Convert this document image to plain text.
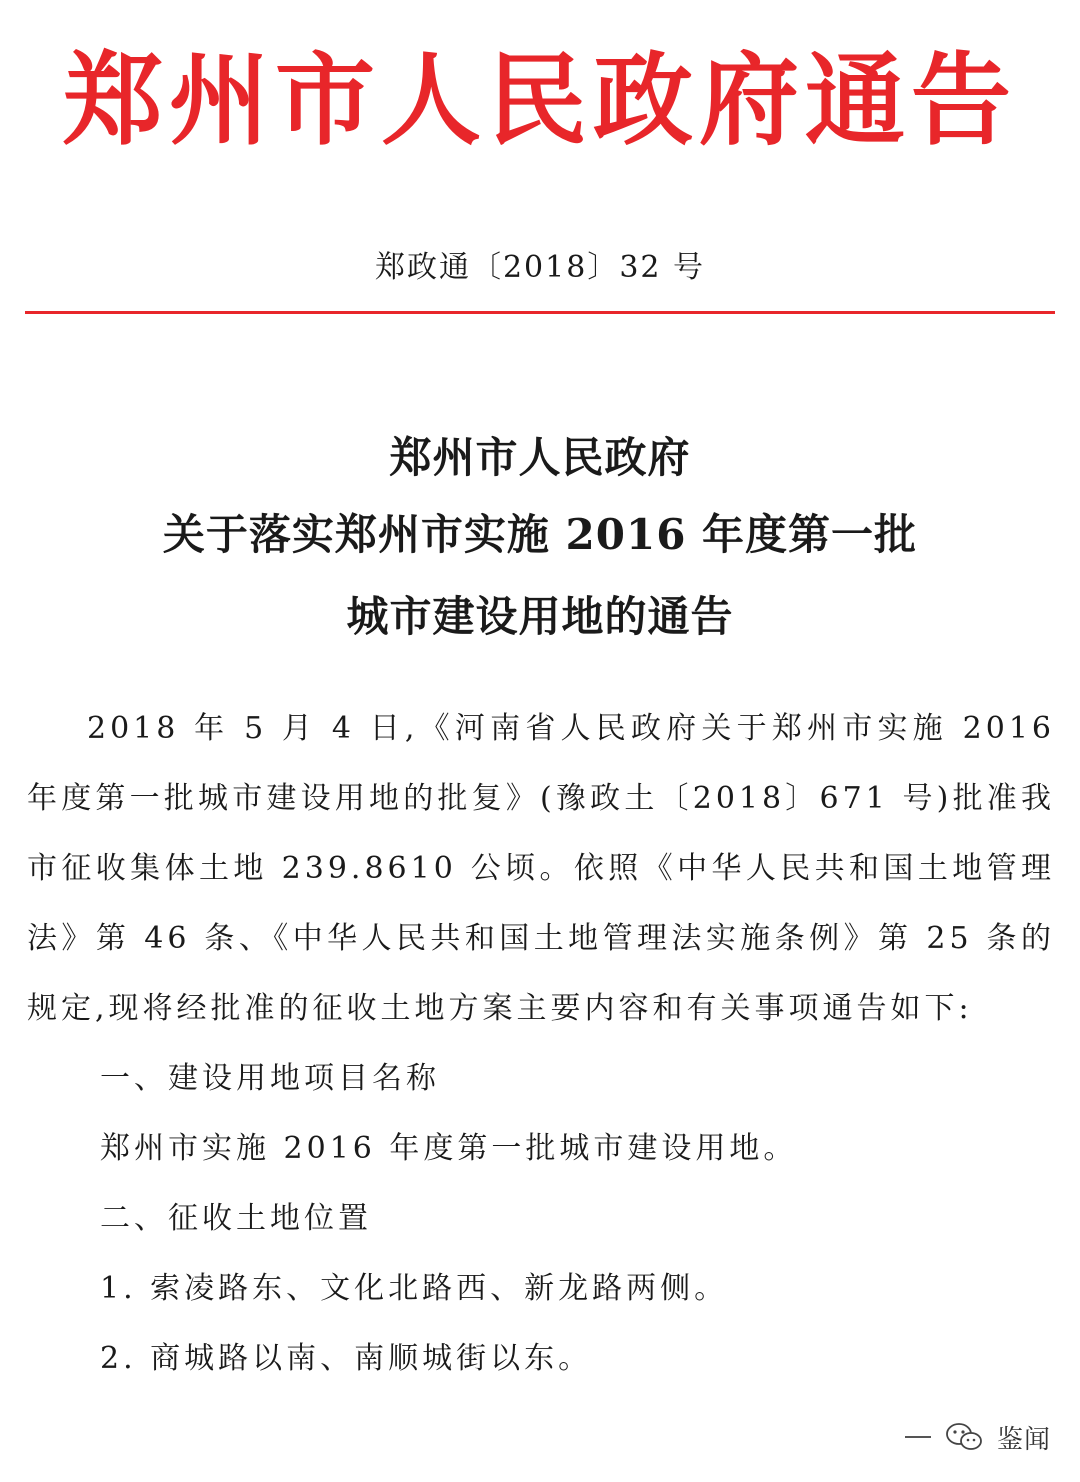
郑州市人民政府通告
郑政通〔2018〕32 号
郑州市人民政府
关于落实郑州市实施 2016 年度第一批
城市建设用地的通告

2018 年 5 月 4 日,《河南省人民政府关于郑州市实施 2016 年度第一批城市建设用地的批复》(豫政土〔2018〕671 号)批准我市征收集体土地 239.8610 公顷。依照《中华人民共和国土地管理法》第 46 条、《中华人民共和国土地管理法实施条例》第 25 条的规定,现将经批准的征收土地方案主要内容和有关事项通告如下:

一、建设用地项目名称

郑州市实施 2016 年度第一批城市建设用地。

二、征收土地位置

1. 索凌路东、文化北路西、新龙路两侧。

2. 商城路以南、南顺城街以东。

鉴闻
